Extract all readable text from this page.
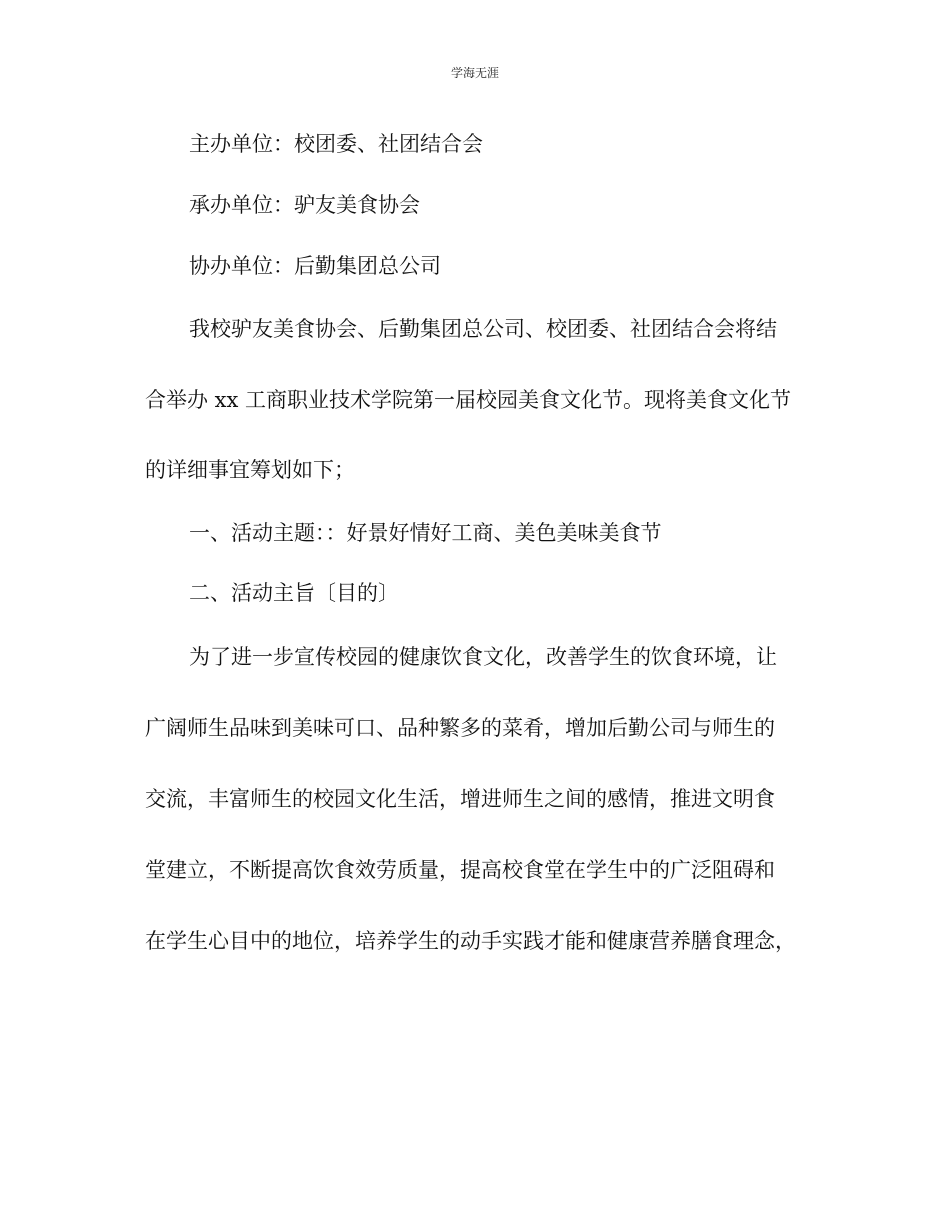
学海无涯
主办单位：校团委、社团结合会
承办单位：驴友美食协会
协办单位：后勤集团总公司
我校驴友美食协会、后勤集团总公司、校团委、社团结合会将结
合举办 xx 工商职业技术学院第一届校园美食文化节。现将美食文化节
的详细事宜筹划如下；
一、活动主题：：好景好情好工商、美色美味美食节
二、活动主旨〔目的〕
为了进一步宣传校园的健康饮食文化，改善学生的饮食环境，让
广阔师生品味到美味可口、品种繁多的菜肴，增加后勤公司与师生的
交流，丰富师生的校园文化生活，增进师生之间的感情，推进文明食
堂建立，不断提高饮食效劳质量，提高校食堂在学生中的广泛阻碍和
在学生心目中的地位，培养学生的动手实践才能和健康营养膳食理念，
